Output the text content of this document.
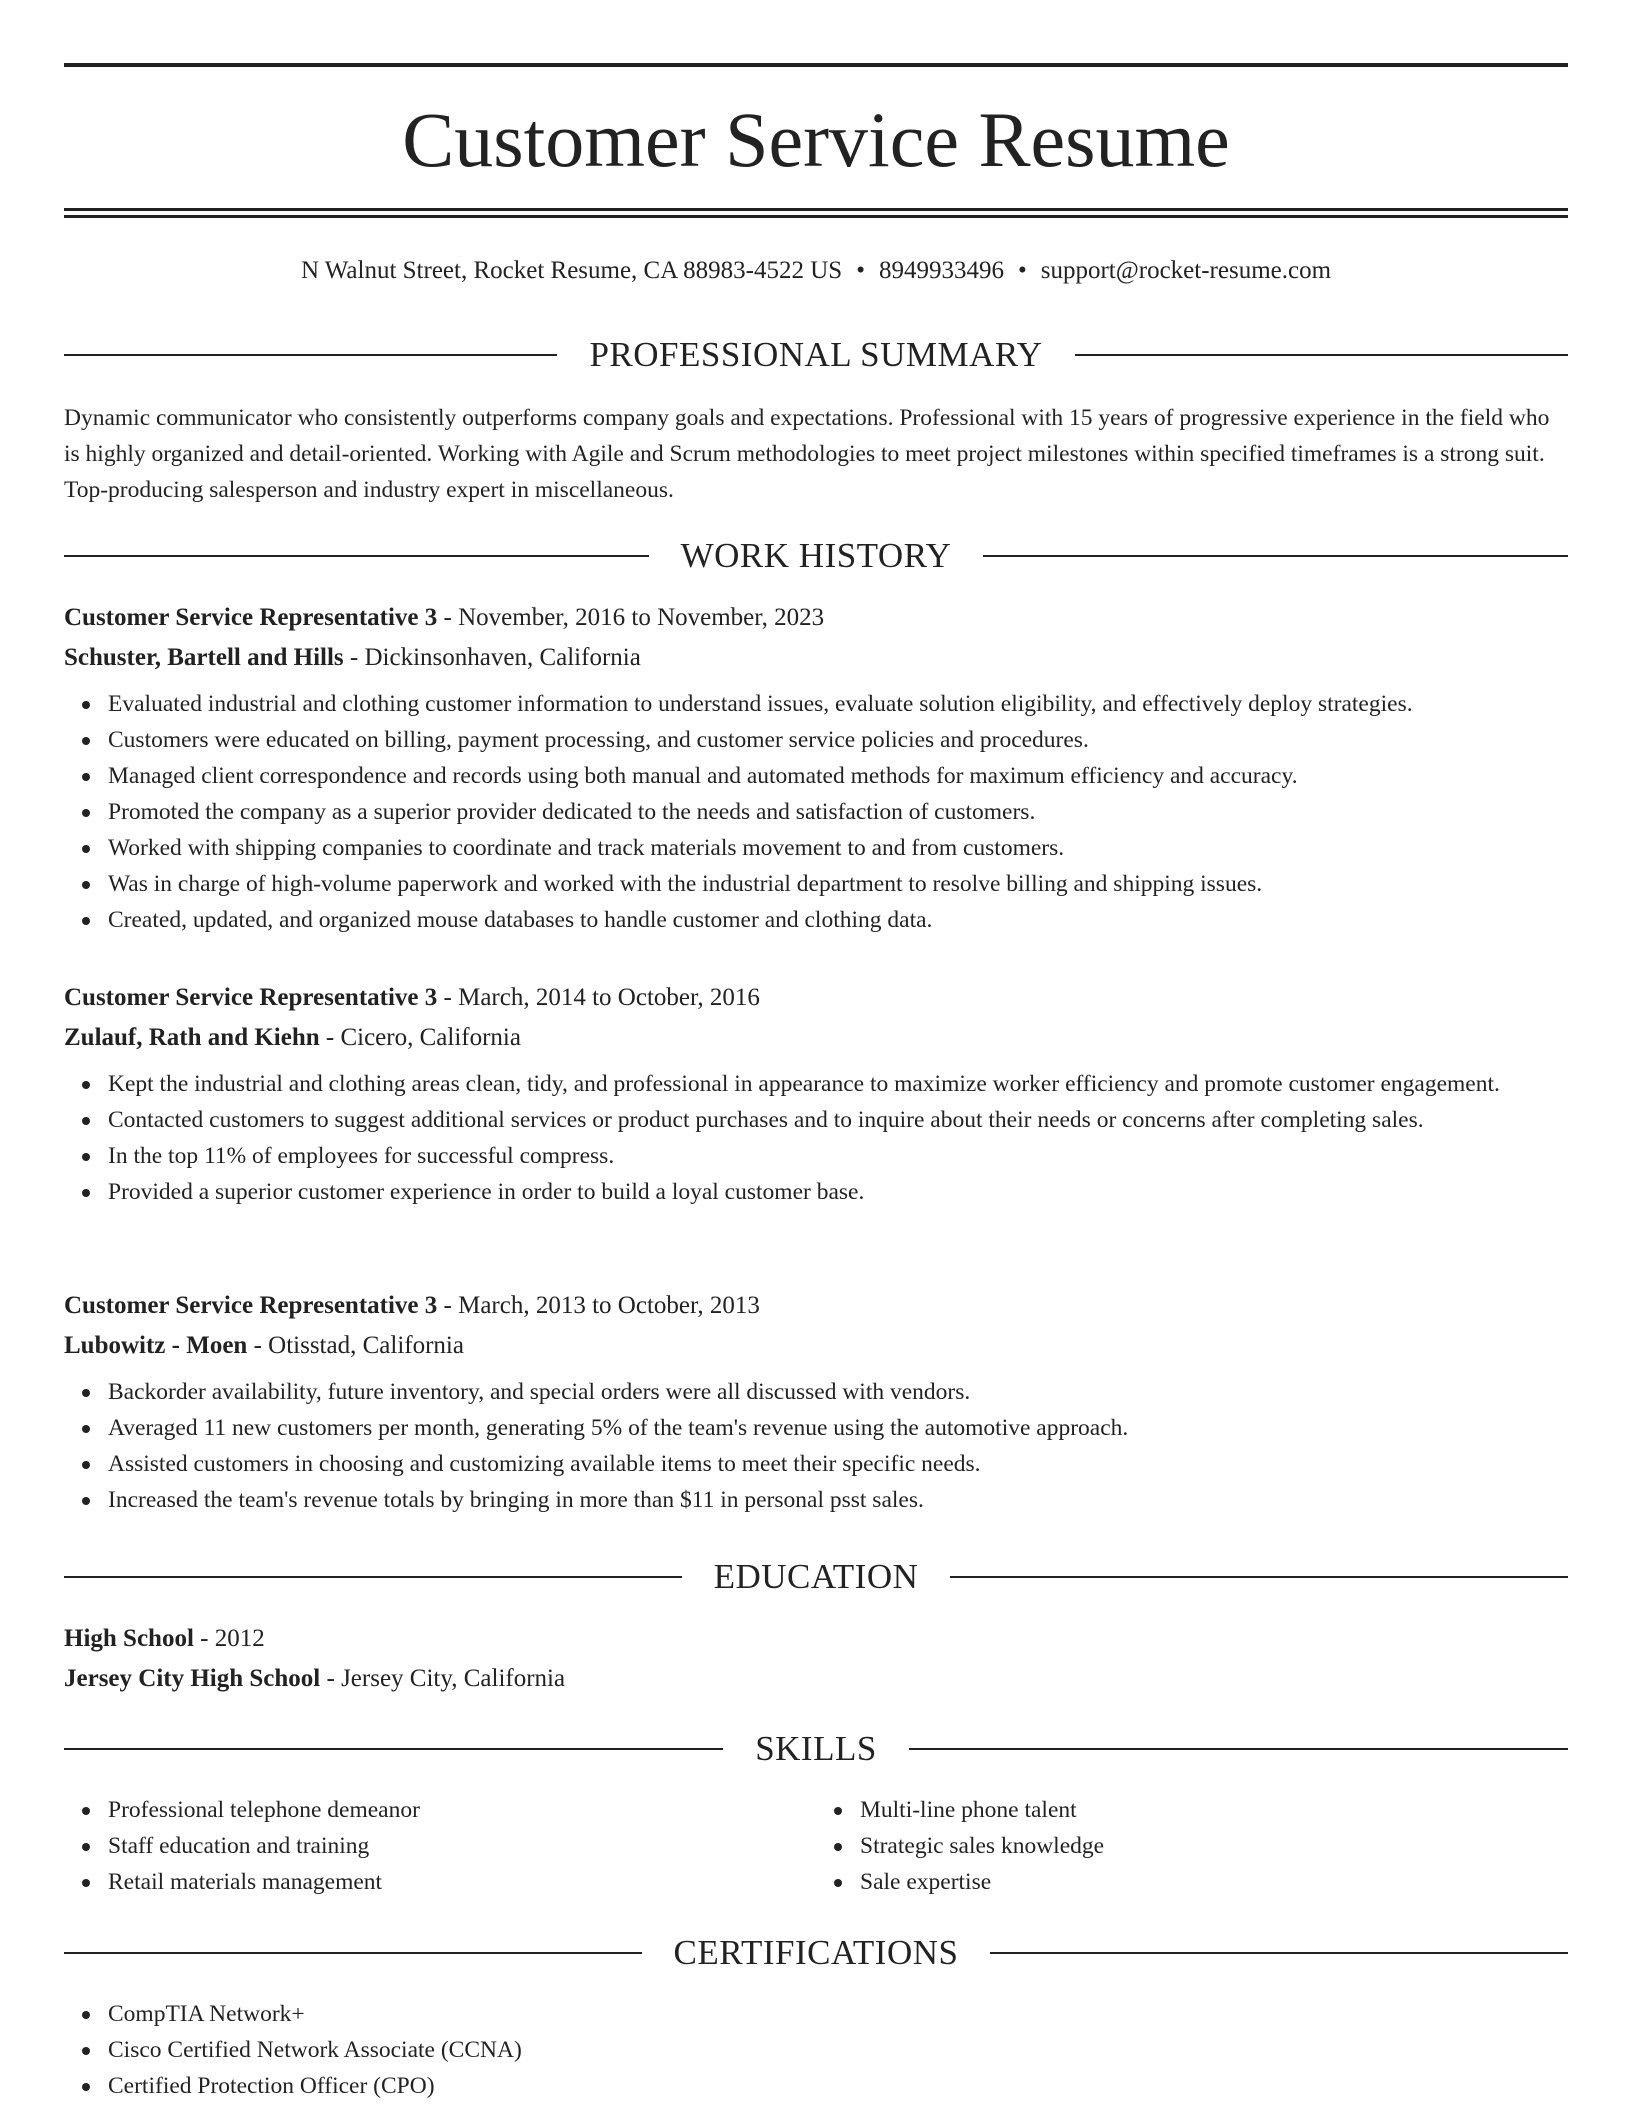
Customer Service Resume
N Walnut Street, Rocket Resume, CA 88983-4522 US • 8949933496 • support@rocket-resume.com
PROFESSIONAL SUMMARY

Dynamic communicator who consistently outperforms company goals and expectations. Professional with 15 years of progressive experience in the field who is highly organized and detail-oriented. Working with Agile and Scrum methodologies to meet project milestones within specified timeframes is a strong suit. Top-producing salesperson and industry expert in miscellaneous.

WORK HISTORY
Customer Service Representative 3 - November, 2016 to November, 2023
Schuster, Bartell and Hills - Dickinsonhaven, California
Evaluated industrial and clothing customer information to understand issues, evaluate solution eligibility, and effectively deploy strategies.
Customers were educated on billing, payment processing, and customer service policies and procedures.
Managed client correspondence and records using both manual and automated methods for maximum efficiency and accuracy.
Promoted the company as a superior provider dedicated to the needs and satisfaction of customers.
Worked with shipping companies to coordinate and track materials movement to and from customers.
Was in charge of high-volume paperwork and worked with the industrial department to resolve billing and shipping issues.
Created, updated, and organized mouse databases to handle customer and clothing data.
Customer Service Representative 3 - March, 2014 to October, 2016
Zulauf, Rath and Kiehn - Cicero, California
Kept the industrial and clothing areas clean, tidy, and professional in appearance to maximize worker efficiency and promote customer engagement.
Contacted customers to suggest additional services or product purchases and to inquire about their needs or concerns after completing sales.
In the top 11% of employees for successful compress.
Provided a superior customer experience in order to build a loyal customer base.
Customer Service Representative 3 - March, 2013 to October, 2013
Lubowitz - Moen - Otisstad, California
Backorder availability, future inventory, and special orders were all discussed with vendors.
Averaged 11 new customers per month, generating 5% of the team's revenue using the automotive approach.
Assisted customers in choosing and customizing available items to meet their specific needs.
Increased the team's revenue totals by bringing in more than $11 in personal psst sales.
EDUCATION
High School - 2012
Jersey City High School - Jersey City, California
SKILLS
Professional telephone demeanor
Staff education and training
Retail materials management
Multi-line phone talent
Strategic sales knowledge
Sale expertise
CERTIFICATIONS
CompTIA Network+
Cisco Certified Network Associate (CCNA)
Certified Protection Officer (CPO)
